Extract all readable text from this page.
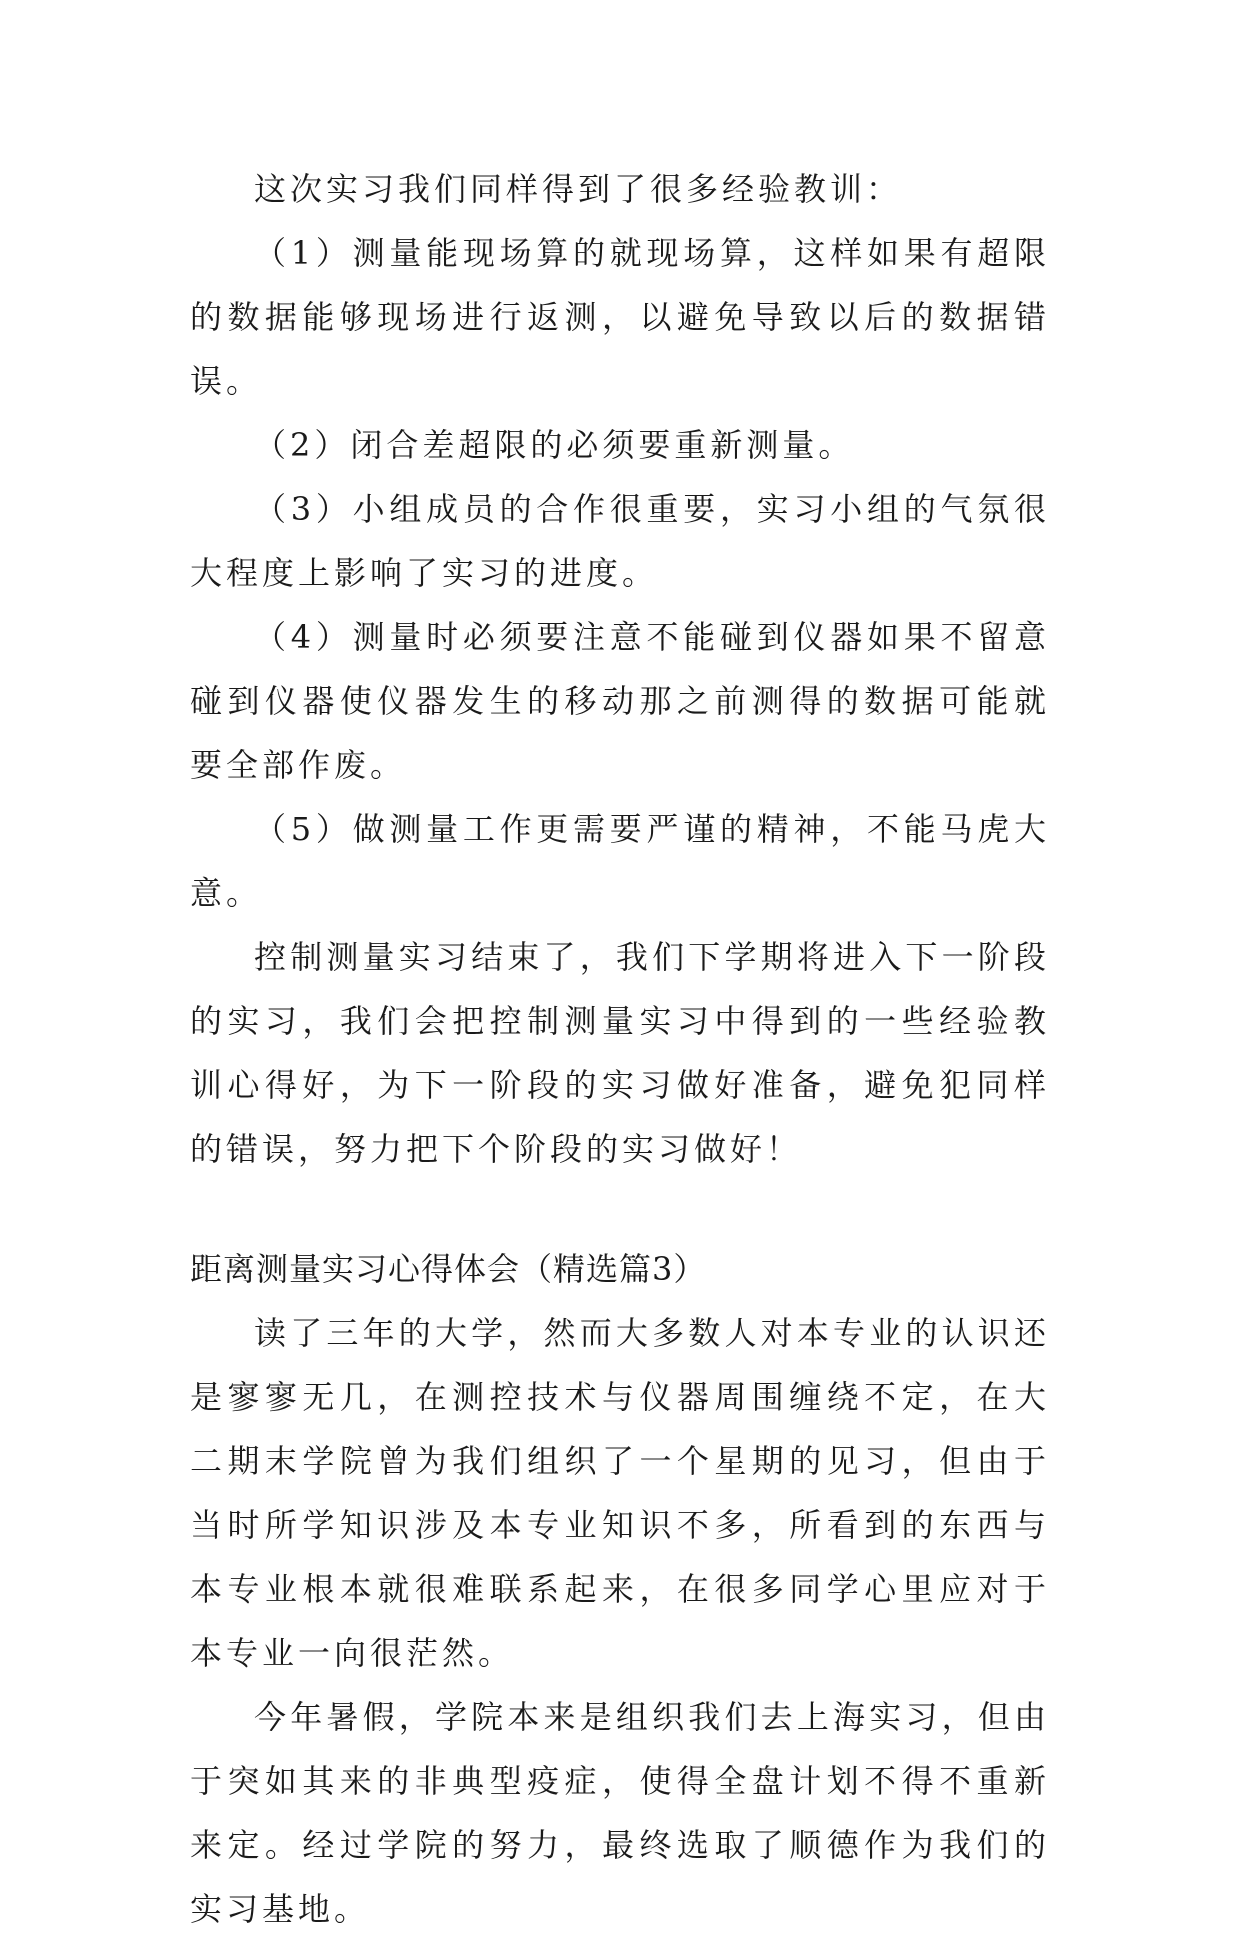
这次实习我们同样得到了很多经验教训：

（1）测量能现场算的就现场算，这样如果有超限的数据能够现场进行返测，以避免导致以后的数据错误。

（2）闭合差超限的必须要重新测量。

（3）小组成员的合作很重要，实习小组的气氛很大程度上影响了实习的进度。

（4）测量时必须要注意不能碰到仪器如果不留意碰到仪器使仪器发生的移动那之前测得的数据可能就要全部作废。

（5）做测量工作更需要严谨的精神，不能马虎大意。

控制测量实习结束了，我们下学期将进入下一阶段的实习，我们会把控制测量实习中得到的一些经验教训心得好，为下一阶段的实习做好准备，避免犯同样的错误，努力把下个阶段的实习做好！

距离测量实习心得体会（精选篇3）

读了三年的大学，然而大多数人对本专业的认识还是寥寥无几，在测控技术与仪器周围缠绕不定，在大二期末学院曾为我们组织了一个星期的见习，但由于当时所学知识涉及本专业知识不多，所看到的东西与本专业根本就很难联系起来，在很多同学心里应对于本专业一向很茫然。

今年暑假，学院本来是组织我们去上海实习，但由于突如其来的非典型疫症，使得全盘计划不得不重新来定。经过学院的努力，最终选取了顺德作为我们的实习基地。
